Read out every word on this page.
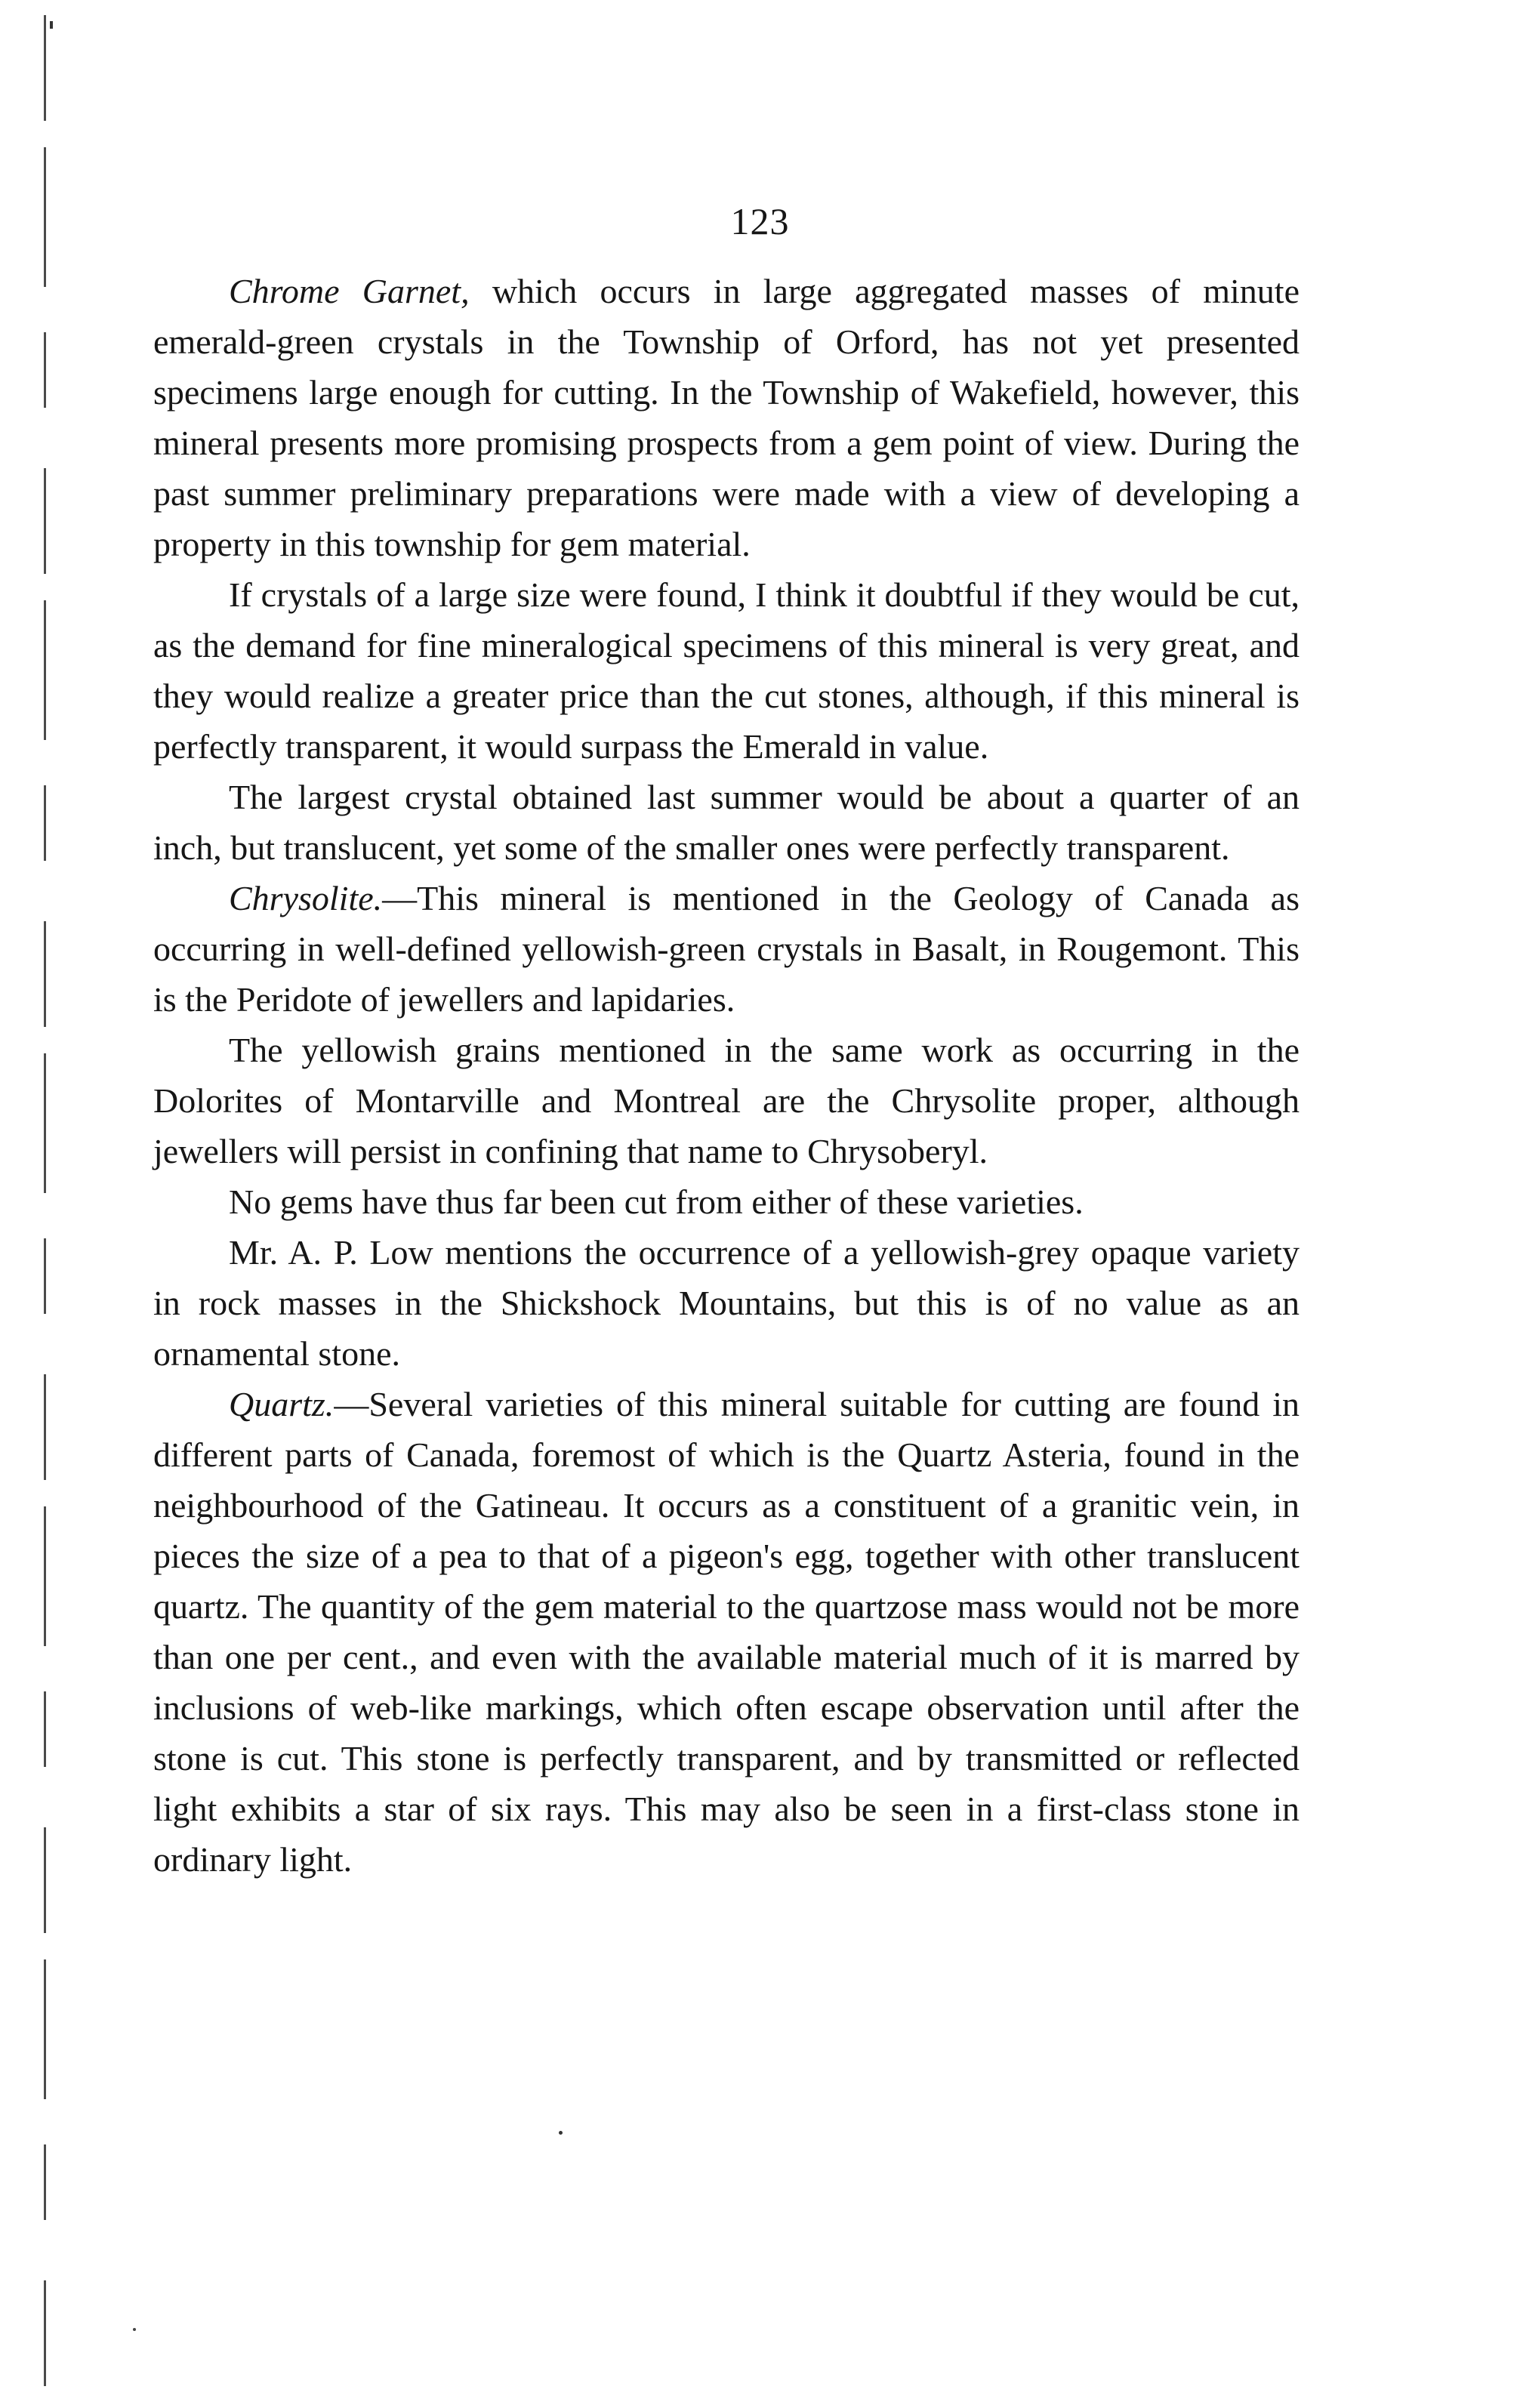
123

Chrome Garnet, which occurs in large aggregated masses of minute emerald-green crystals in the Township of Orford, has not yet presented specimens large enough for cutting. In the Township of Wakefield, however, this mineral presents more promising prospects from a gem point of view. During the past summer preliminary preparations were made with a view of developing a property in this township for gem material.

If crystals of a large size were found, I think it doubtful if they would be cut, as the demand for fine mineralogical specimens of this mineral is very great, and they would realize a greater price than the cut stones, although, if this mineral is perfectly transparent, it would surpass the Emerald in value.

The largest crystal obtained last summer would be about a quarter of an inch, but translucent, yet some of the smaller ones were perfectly transparent.

Chrysolite.—This mineral is mentioned in the Geology of Canada as occurring in well-defined yellowish-green crystals in Basalt, in Rougemont. This is the Peridote of jewellers and lapidaries.

The yellowish grains mentioned in the same work as occurring in the Dolorites of Montarville and Montreal are the Chrysolite proper, although jewellers will persist in confining that name to Chrysoberyl.

No gems have thus far been cut from either of these varieties.

Mr. A. P. Low mentions the occurrence of a yellowish-grey opaque variety in rock masses in the Shickshock Mountains, but this is of no value as an ornamental stone.

Quartz.—Several varieties of this mineral suitable for cutting are found in different parts of Canada, foremost of which is the Quartz Asteria, found in the neighbourhood of the Gatineau. It occurs as a constituent of a granitic vein, in pieces the size of a pea to that of a pigeon's egg, together with other translucent quartz. The quantity of the gem material to the quartzose mass would not be more than one per cent., and even with the available material much of it is marred by inclusions of web-like markings, which often escape observation until after the stone is cut. This stone is perfectly transparent, and by transmitted or reflected light exhibits a star of six rays. This may also be seen in a first-class stone in ordinary light.
